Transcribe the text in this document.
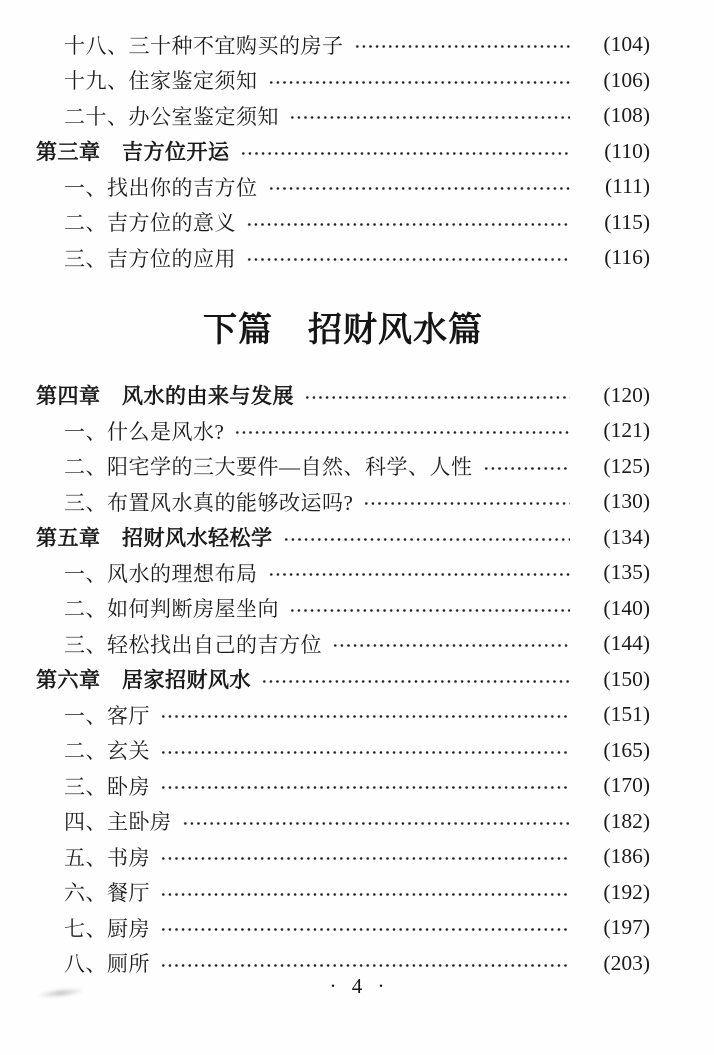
十八、三十种不宜购买的房子	(104)
十九、住家鉴定须知	(106)
二十、办公室鉴定须知	(108)
第三章　吉方位开运	(110)
一、找出你的吉方位	(111)
二、吉方位的意义	(115)
三、吉方位的应用	(116)
下篇　招财风水篇
第四章　风水的由来与发展	(120)
一、什么是风水?	(121)
二、阳宅学的三大要件—自然、科学、人性	(125)
三、布置风水真的能够改运吗?	(130)
第五章　招财风水轻松学	(134)
一、风水的理想布局	(135)
二、如何判断房屋坐向	(140)
三、轻松找出自己的吉方位	(144)
第六章　居家招财风水	(150)
一、客厅	(151)
二、玄关	(165)
三、卧房	(170)
四、主卧房	(182)
五、书房	(186)
六、餐厅	(192)
七、厨房	(197)
八、厕所	(203)
· 4 ·
